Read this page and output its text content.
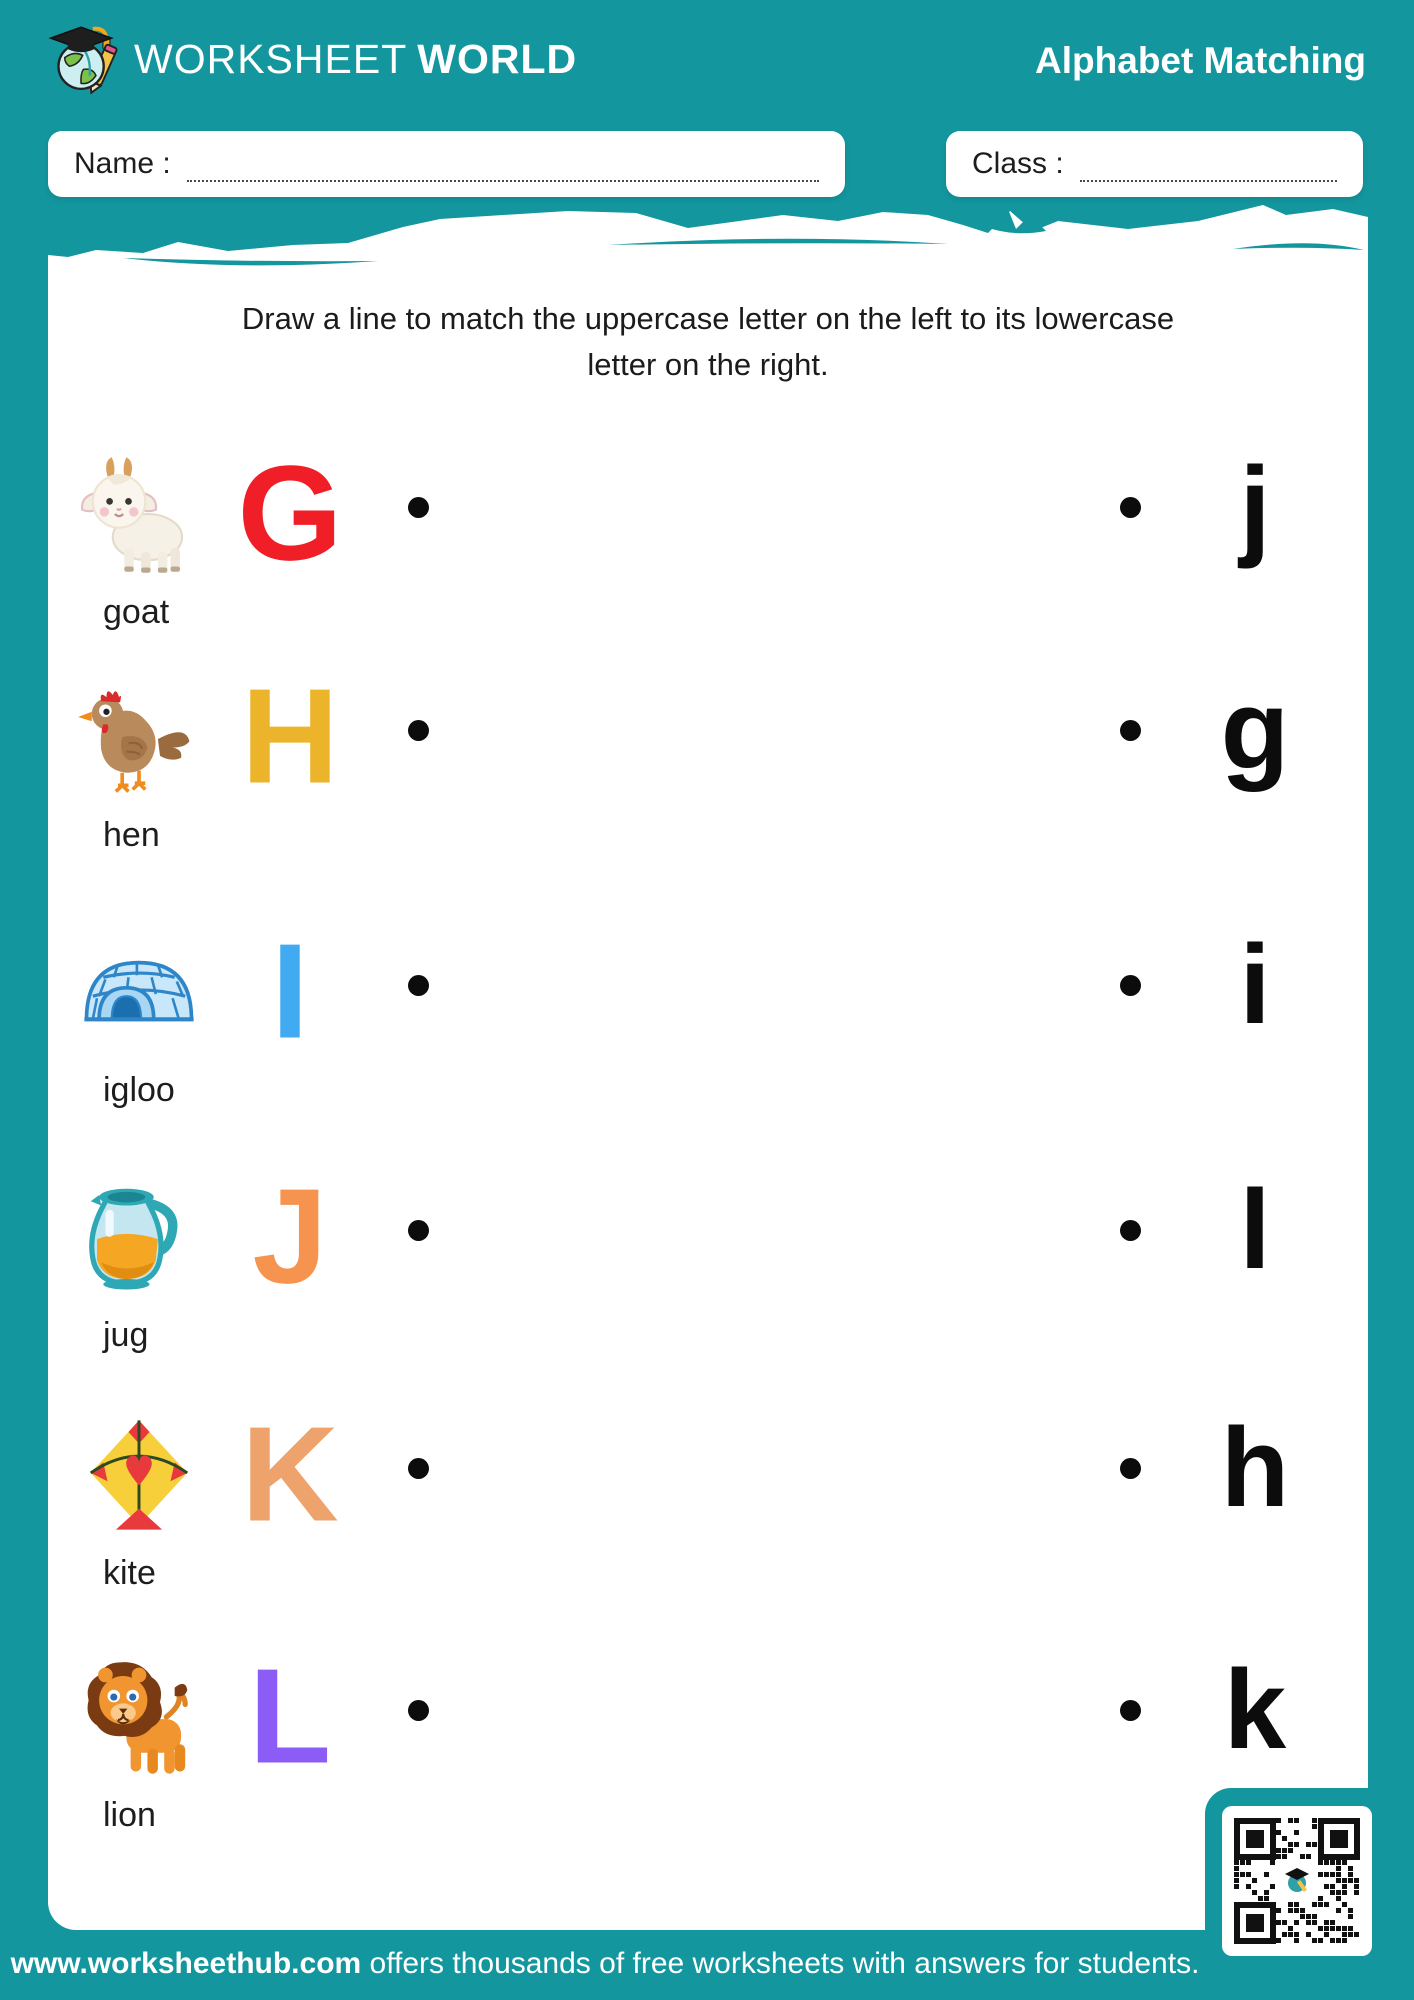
WORKSHEET WORLD	Alphabet Matching
Name :	Class :
Draw a line to match the uppercase letter on the left to its lowercase
letter on the right.
G
goat
H
hen
I
igloo
J
jug
K
kite
L
lion
j
g
i
l
h
k
www.worksheethub.com offers thousands of free worksheets with answers for students.
